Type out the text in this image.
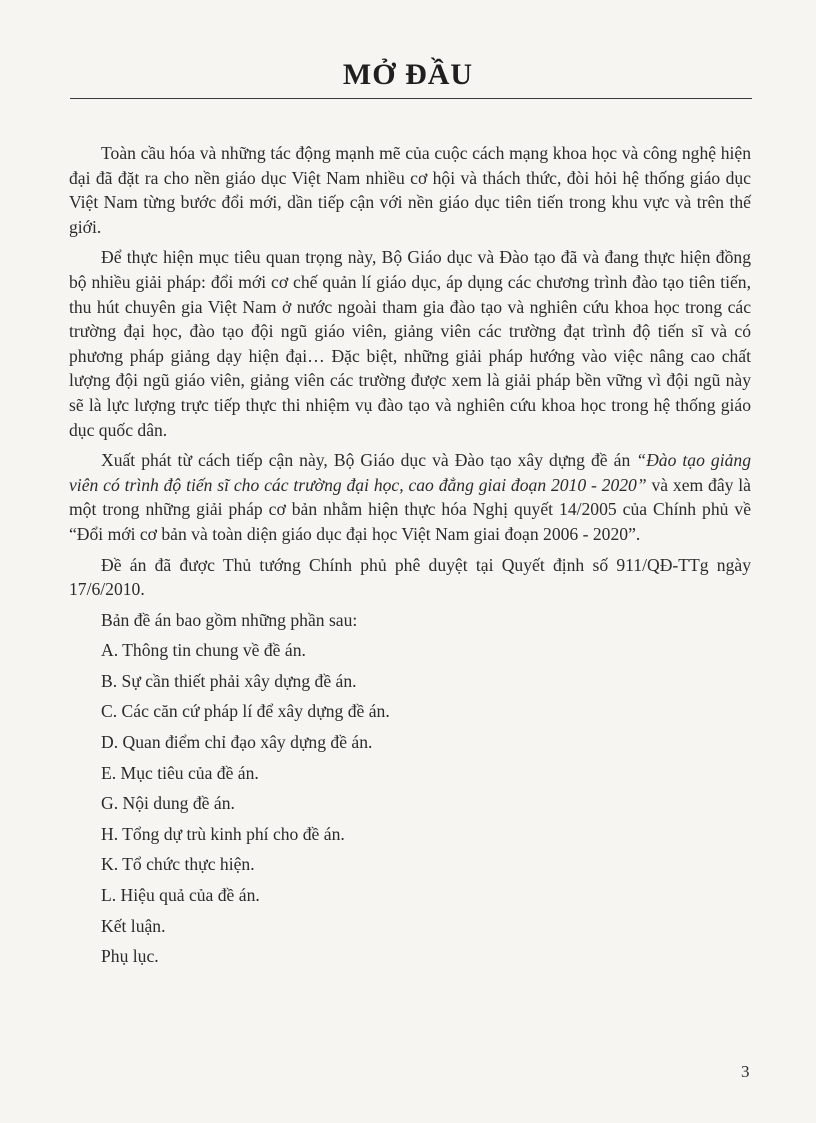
MỞ ĐẦU

Toàn cầu hóa và những tác động mạnh mẽ của cuộc cách mạng khoa học và công nghệ hiện đại đã đặt ra cho nền giáo dục Việt Nam nhiều cơ hội và thách thức, đòi hỏi hệ thống giáo dục Việt Nam từng bước đổi mới, dần tiếp cận với nền giáo dục tiên tiến trong khu vực và trên thế giới.

Để thực hiện mục tiêu quan trọng này, Bộ Giáo dục và Đào tạo đã và đang thực hiện đồng bộ nhiều giải pháp: đổi mới cơ chế quản lí giáo dục, áp dụng các chương trình đào tạo tiên tiến, thu hút chuyên gia Việt Nam ở nước ngoài tham gia đào tạo và nghiên cứu khoa học trong các trường đại học, đào tạo đội ngũ giáo viên, giảng viên các trường đạt trình độ tiến sĩ và có phương pháp giảng dạy hiện đại… Đặc biệt, những giải pháp hướng vào việc nâng cao chất lượng đội ngũ giáo viên, giảng viên các trường được xem là giải pháp bền vững vì đội ngũ này sẽ là lực lượng trực tiếp thực thi nhiệm vụ đào tạo và nghiên cứu khoa học trong hệ thống giáo dục quốc dân.

Xuất phát từ cách tiếp cận này, Bộ Giáo dục và Đào tạo xây dựng đề án “Đào tạo giảng viên có trình độ tiến sĩ cho các trường đại học, cao đẳng giai đoạn 2010 - 2020” và xem đây là một trong những giải pháp cơ bản nhằm hiện thực hóa Nghị quyết 14/2005 của Chính phủ về “Đổi mới cơ bản và toàn diện giáo dục đại học Việt Nam giai đoạn 2006 - 2020”.

Đề án đã được Thủ tướng Chính phủ phê duyệt tại Quyết định số 911/QĐ-TTg ngày 17/6/2010.

Bản đề án bao gồm những phần sau:

A. Thông tin chung về đề án.
B. Sự cần thiết phải xây dựng đề án.
C. Các căn cứ pháp lí để xây dựng đề án.
D. Quan điểm chỉ đạo xây dựng đề án.
E. Mục tiêu của đề án.
G. Nội dung đề án.
H. Tổng dự trù kinh phí cho đề án.
K. Tổ chức thực hiện.
L. Hiệu quả của đề án.
Kết luận.
Phụ lục.
3
